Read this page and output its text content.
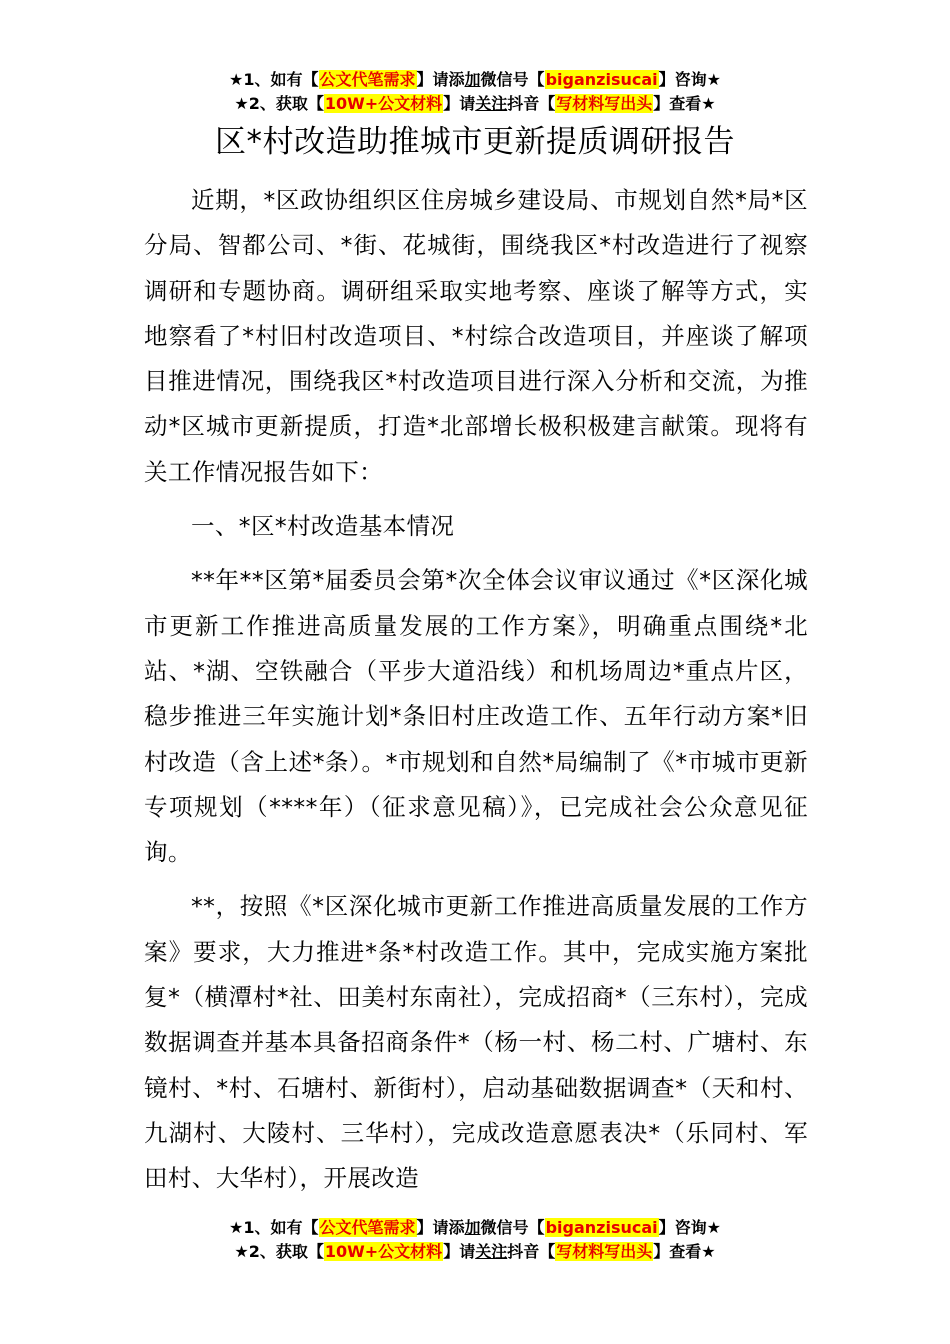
★1、如有【公文代笔需求】请添加微信号【biganzisucai】咨询★
★2、获取【10W+公文材料】请关注抖音【写材料写出头】查看★
区*村改造助推城市更新提质调研报告

近期，*区政协组织区住房城乡建设局、市规划自然*局*区分局、智都公司、*街、花城街，围绕我区*村改造进行了视察调研和专题协商。调研组采取实地考察、座谈了解等方式，实地察看了*村旧村改造项目、*村综合改造项目，并座谈了解项目推进情况，围绕我区*村改造项目进行深入分析和交流，为推动*区城市更新提质，打造*北部增长极积极建言献策。现将有关工作情况报告如下：

一、*区*村改造基本情况

**年**区第*届委员会第*次全体会议审议通过《*区深化城市更新工作推进高质量发展的工作方案》，明确重点围绕*北站、*湖、空铁融合（平步大道沿线）和机场周边*重点片区，稳步推进三年实施计划*条旧村庄改造工作、五年行动方案*旧村改造（含上述*条）。*市规划和自然*局编制了《*市城市更新专项规划（****年）（征求意见稿）》，已完成社会公众意见征询。

**，按照《*区深化城市更新工作推进高质量发展的工作方案》要求，大力推进*条*村改造工作。其中，完成实施方案批复*（横潭村*社、田美村东南社），完成招商*（三东村），完成数据调查并基本具备招商条件*（杨一村、杨二村、广塘村、东镜村、*村、石塘村、新街村），启动基础数据调查*（天和村、九湖村、大陵村、三华村），完成改造意愿表决*（乐同村、军田村、大华村），开展改造

★1、如有【公文代笔需求】请添加微信号【biganzisucai】咨询★
★2、获取【10W+公文材料】请关注抖音【写材料写出头】查看★
